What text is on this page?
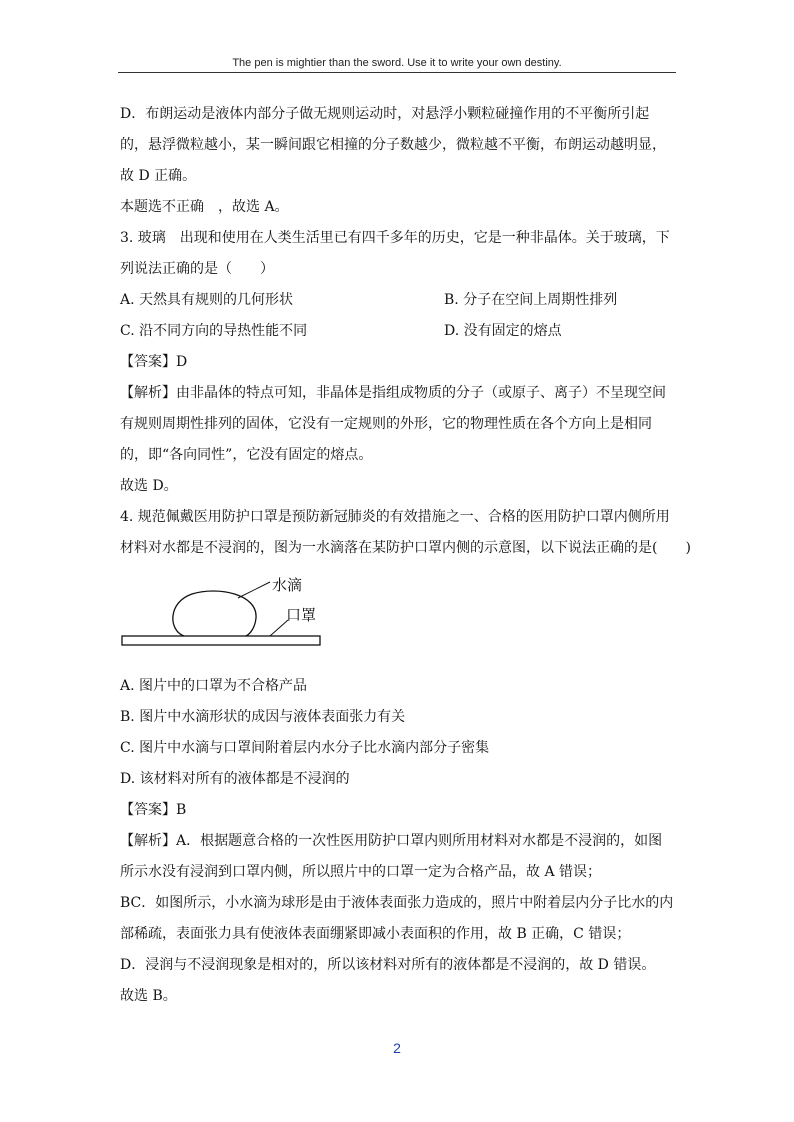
The pen is mightier than the sword. Use it to write your own destiny.
D．布朗运动是液体内部分子做无规则运动时，对悬浮小颗粒碰撞作用的不平衡所引起
的，悬浮微粒越小，某一瞬间跟它相撞的分子数越少，微粒越不平衡，布朗运动越明显，
故 D 正确。
本题选不正确　，故选 A。
3. 玻璃　出现和使用在人类生活里已有四千多年的历史，它是一种非晶体。关于玻璃，下
列说法正确的是（　　）
A. 天然具有规则的几何形状	B. 分子在空间上周期性排列
C. 沿不同方向的导热性能不同	D. 没有固定的熔点
【答案】D
【解析】由非晶体的特点可知，非晶体是指组成物质的分子（或原子、离子）不呈现空间
有规则周期性排列的固体，它没有一定规则的外形，它的物理性质在各个方向上是相同
的，即“各向同性”，它没有固定的熔点。
故选 D。
4. 规范佩戴医用防护口罩是预防新冠肺炎的有效措施之一、合格的医用防护口罩内侧所用
材料对水都是不浸润的，图为一水滴落在某防护口罩内侧的示意图，以下说法正确的是(　　)
水滴
口罩
A. 图片中的口罩为不合格产品
B. 图片中水滴形状的成因与液体表面张力有关
C. 图片中水滴与口罩间附着层内水分子比水滴内部分子密集
D. 该材料对所有的液体都是不浸润的
【答案】B
【解析】A．根据题意合格的一次性医用防护口罩内则所用材料对水都是不浸润的，如图
所示水没有浸润到口罩内侧，所以照片中的口罩一定为合格产品，故 A 错误；
BC．如图所示，小水滴为球形是由于液体表面张力造成的，照片中附着层内分子比水的内
部稀疏，表面张力具有使液体表面绷紧即减小表面积的作用，故 B 正确，C 错误；
D．浸润与不浸润现象是相对的，所以该材料对所有的液体都是不浸润的，故 D 错误。
故选 B。
2
